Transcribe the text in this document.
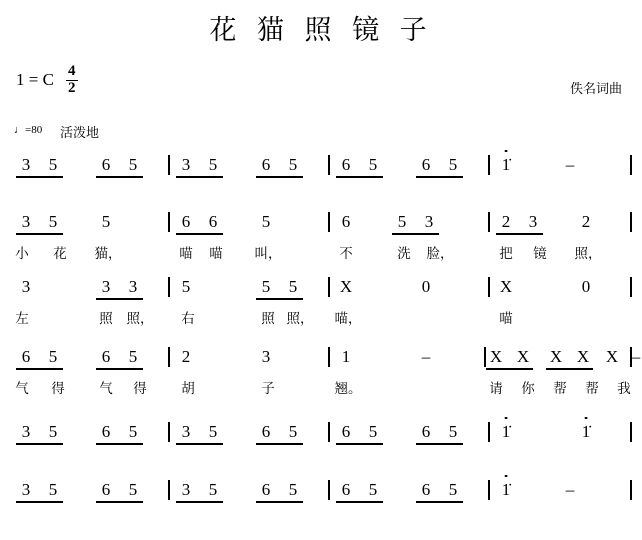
花 猫 照 镜 子
1 = C $\frac{4}{2}$	佚名词曲
♩=80 活泼地
3 5	6 5	3 5	6 5	6 5	6 5	1̇	–
3 5	5	6 6	5	6	5 3	2 3	2
小 花 猫，	喵 喵 叫，	不	洗 脸，	把 镜 照，
3	3 3	5	5 5	X	0	X	0
左	照 照， 右	照 照， 喵，	喵
6 5	6 5	2	3	1	–	X X X X X –
气 得	气 得	胡	子	翘。	请 你 帮 帮 我
3 5	6 5	3 5	6 5	6 5	6 5	1̇	1̇
3 5	6 5	3 5	6 5	6 5	6 5	1̇	–
